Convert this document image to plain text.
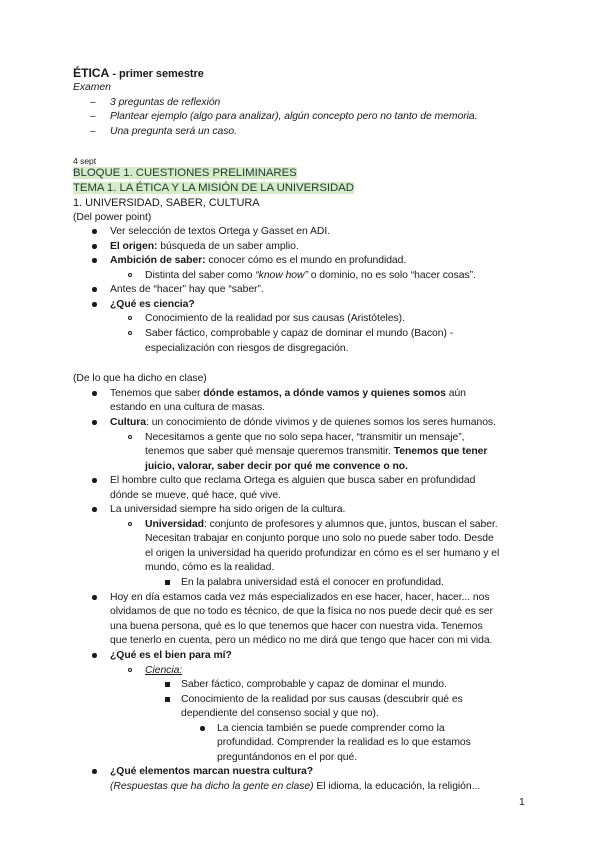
ÉTICA - primer semestre
Examen
– 3 preguntas de reflexión
– Plantear ejemplo (algo para analizar), algún concepto pero no tanto de memoria.
– Una pregunta será un caso.
4 sept
BLOQUE 1. CUESTIONES PRELIMINARES
TEMA 1. LA ÉTICA Y LA MISIÓN DE LA UNIVERSIDAD
1. UNIVERSIDAD, SABER, CULTURA
(Del power point)
Ver selección de textos Ortega y Gasset en ADI.
El origen: búsqueda de un saber amplio.
Ambición de saber: conocer cómo es el mundo en profundidad.
Distinta del saber como “know how” o dominio, no es solo “hacer cosas”.
Antes de “hacer” hay que “saber”.
¿Qué es ciencia?
Conocimiento de la realidad por sus causas (Aristóteles).
Saber fáctico, comprobable y capaz de dominar el mundo (Bacon) -
especialización con riesgos de disgregación.
(De lo que ha dicho en clase)
Tenemos que saber dónde estamos, a dónde vamos y quienes somos aún
estando en una cultura de masas.
Cultura: un conocimiento de dónde vivimos y de quienes somos los seres humanos.
Necesitamos a gente que no solo sepa hacer, “transmitir un mensaje”,
tenemos que saber qué mensaje queremos transmitir. Tenemos que tener
juicio, valorar, saber decir por qué me convence o no.
El hombre culto que reclama Ortega es alguien que busca saber en profundidad
dónde se mueve, qué hace, qué vive.
La universidad siempre ha sido origen de la cultura.
Universidad: conjunto de profesores y alumnos que, juntos, buscan el saber.
Necesitan trabajar en conjunto porque uno solo no puede saber todo. Desde
el origen la universidad ha querido profundizar en cómo es el ser humano y el
mundo, cómo es la realidad.
En la palabra universidad está el conocer en profundidad.
Hoy en día estamos cada vez más especializados en ese hacer, hacer, hacer... nos
olvidamos de que no todo es técnico, de que la física no nos puede decir qué es ser
una buena persona, qué es lo que tenemos que hacer con nuestra vida. Tenemos
que tenerlo en cuenta, pero un médico no me dirá que tengo que hacer con mi vida.
¿Qué es el bien para mí?
Ciencia:
Saber fáctico, comprobable y capaz de dominar el mundo.
Conocimiento de la realidad por sus causas (descubrir qué es
dependiente del consenso social y que no).
La ciencia también se puede comprender como la
profundidad. Comprender la realidad es lo que estamos
preguntándonos en el por qué.
¿Qué elementos marcan nuestra cultura?
(Respuestas que ha dicho la gente en clase) El idioma, la educación, la religión...
1
